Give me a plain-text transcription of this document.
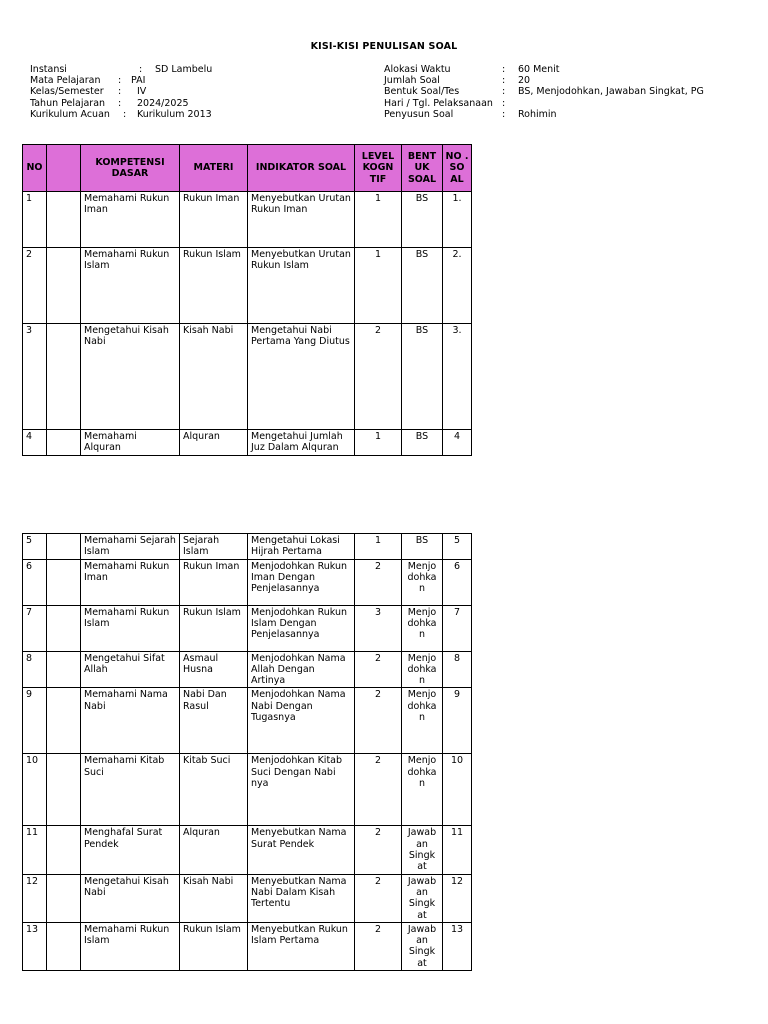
KISI-KISI PENULISAN SOAL
Instansi	: SD Lambelu
Mata Pelajaran : PAI
Kelas/Semester : IV
Tahun Pelajaran : 2024/2025
Kurikulum Acuan : Kurikulum 2013
Alokasi Waktu	: 60 Menit
Jumlah Soal	: 20
Bentuk Soal/Tes	: BS, Menjodohkan, Jawaban Singkat, PG
Hari / Tgl. Pelaksanaan :
Penyusun Soal	: Rohimin
NO		KOMPETENSI DASAR	MATERI	INDIKATOR SOAL	LEVEL KOGN TIF	BENT UK SOAL	NO . SO AL
1		Memahami Rukun Iman	Rukun Iman	Menyebutkan Urutan Rukun Iman	1	BS	1.
2		Memahami Rukun Islam	Rukun Islam	Menyebutkan Urutan Rukun Islam	1	BS	2.
3		Mengetahui Kisah Nabi	Kisah Nabi	Mengetahui Nabi Pertama Yang Diutus	2	BS	3.
4		Memahami Alquran	Alquran	Mengetahui Jumlah Juz Dalam Alquran	1	BS	4
5		Memahami Sejarah Islam	Sejarah Islam	Mengetahui Lokasi Hijrah Pertama	1	BS	5
6		Memahami Rukun Iman	Rukun Iman	Menjodohkan Rukun Iman Dengan Penjelasannya	2	Menjo dohka n	6
7		Memahami Rukun Islam	Rukun Islam	Menjodohkan Rukun Islam Dengan Penjelasannya	3	Menjo dohka n	7
8		Mengetahui Sifat Allah	Asmaul Husna	Menjodohkan Nama Allah Dengan Artinya	2	Menjo dohka n	8
9		Memahami Nama Nabi	Nabi Dan Rasul	Menjodohkan Nama Nabi Dengan Tugasnya	2	Menjo dohka n	9
10		Memahami Kitab Suci	Kitab Suci	Menjodohkan Kitab Suci Dengan Nabi nya	2	Menjo dohka n	10
11		Menghafal Surat Pendek	Alquran	Menyebutkan Nama Surat Pendek	2	Jawab an Singk at	11
12		Mengetahui Kisah Nabi	Kisah Nabi	Menyebutkan Nama Nabi Dalam Kisah Tertentu	2	Jawab an Singk at	12
13		Memahami Rukun Islam	Rukun Islam	Menyebutkan Rukun Islam Pertama	2	Jawab an Singk at	13
